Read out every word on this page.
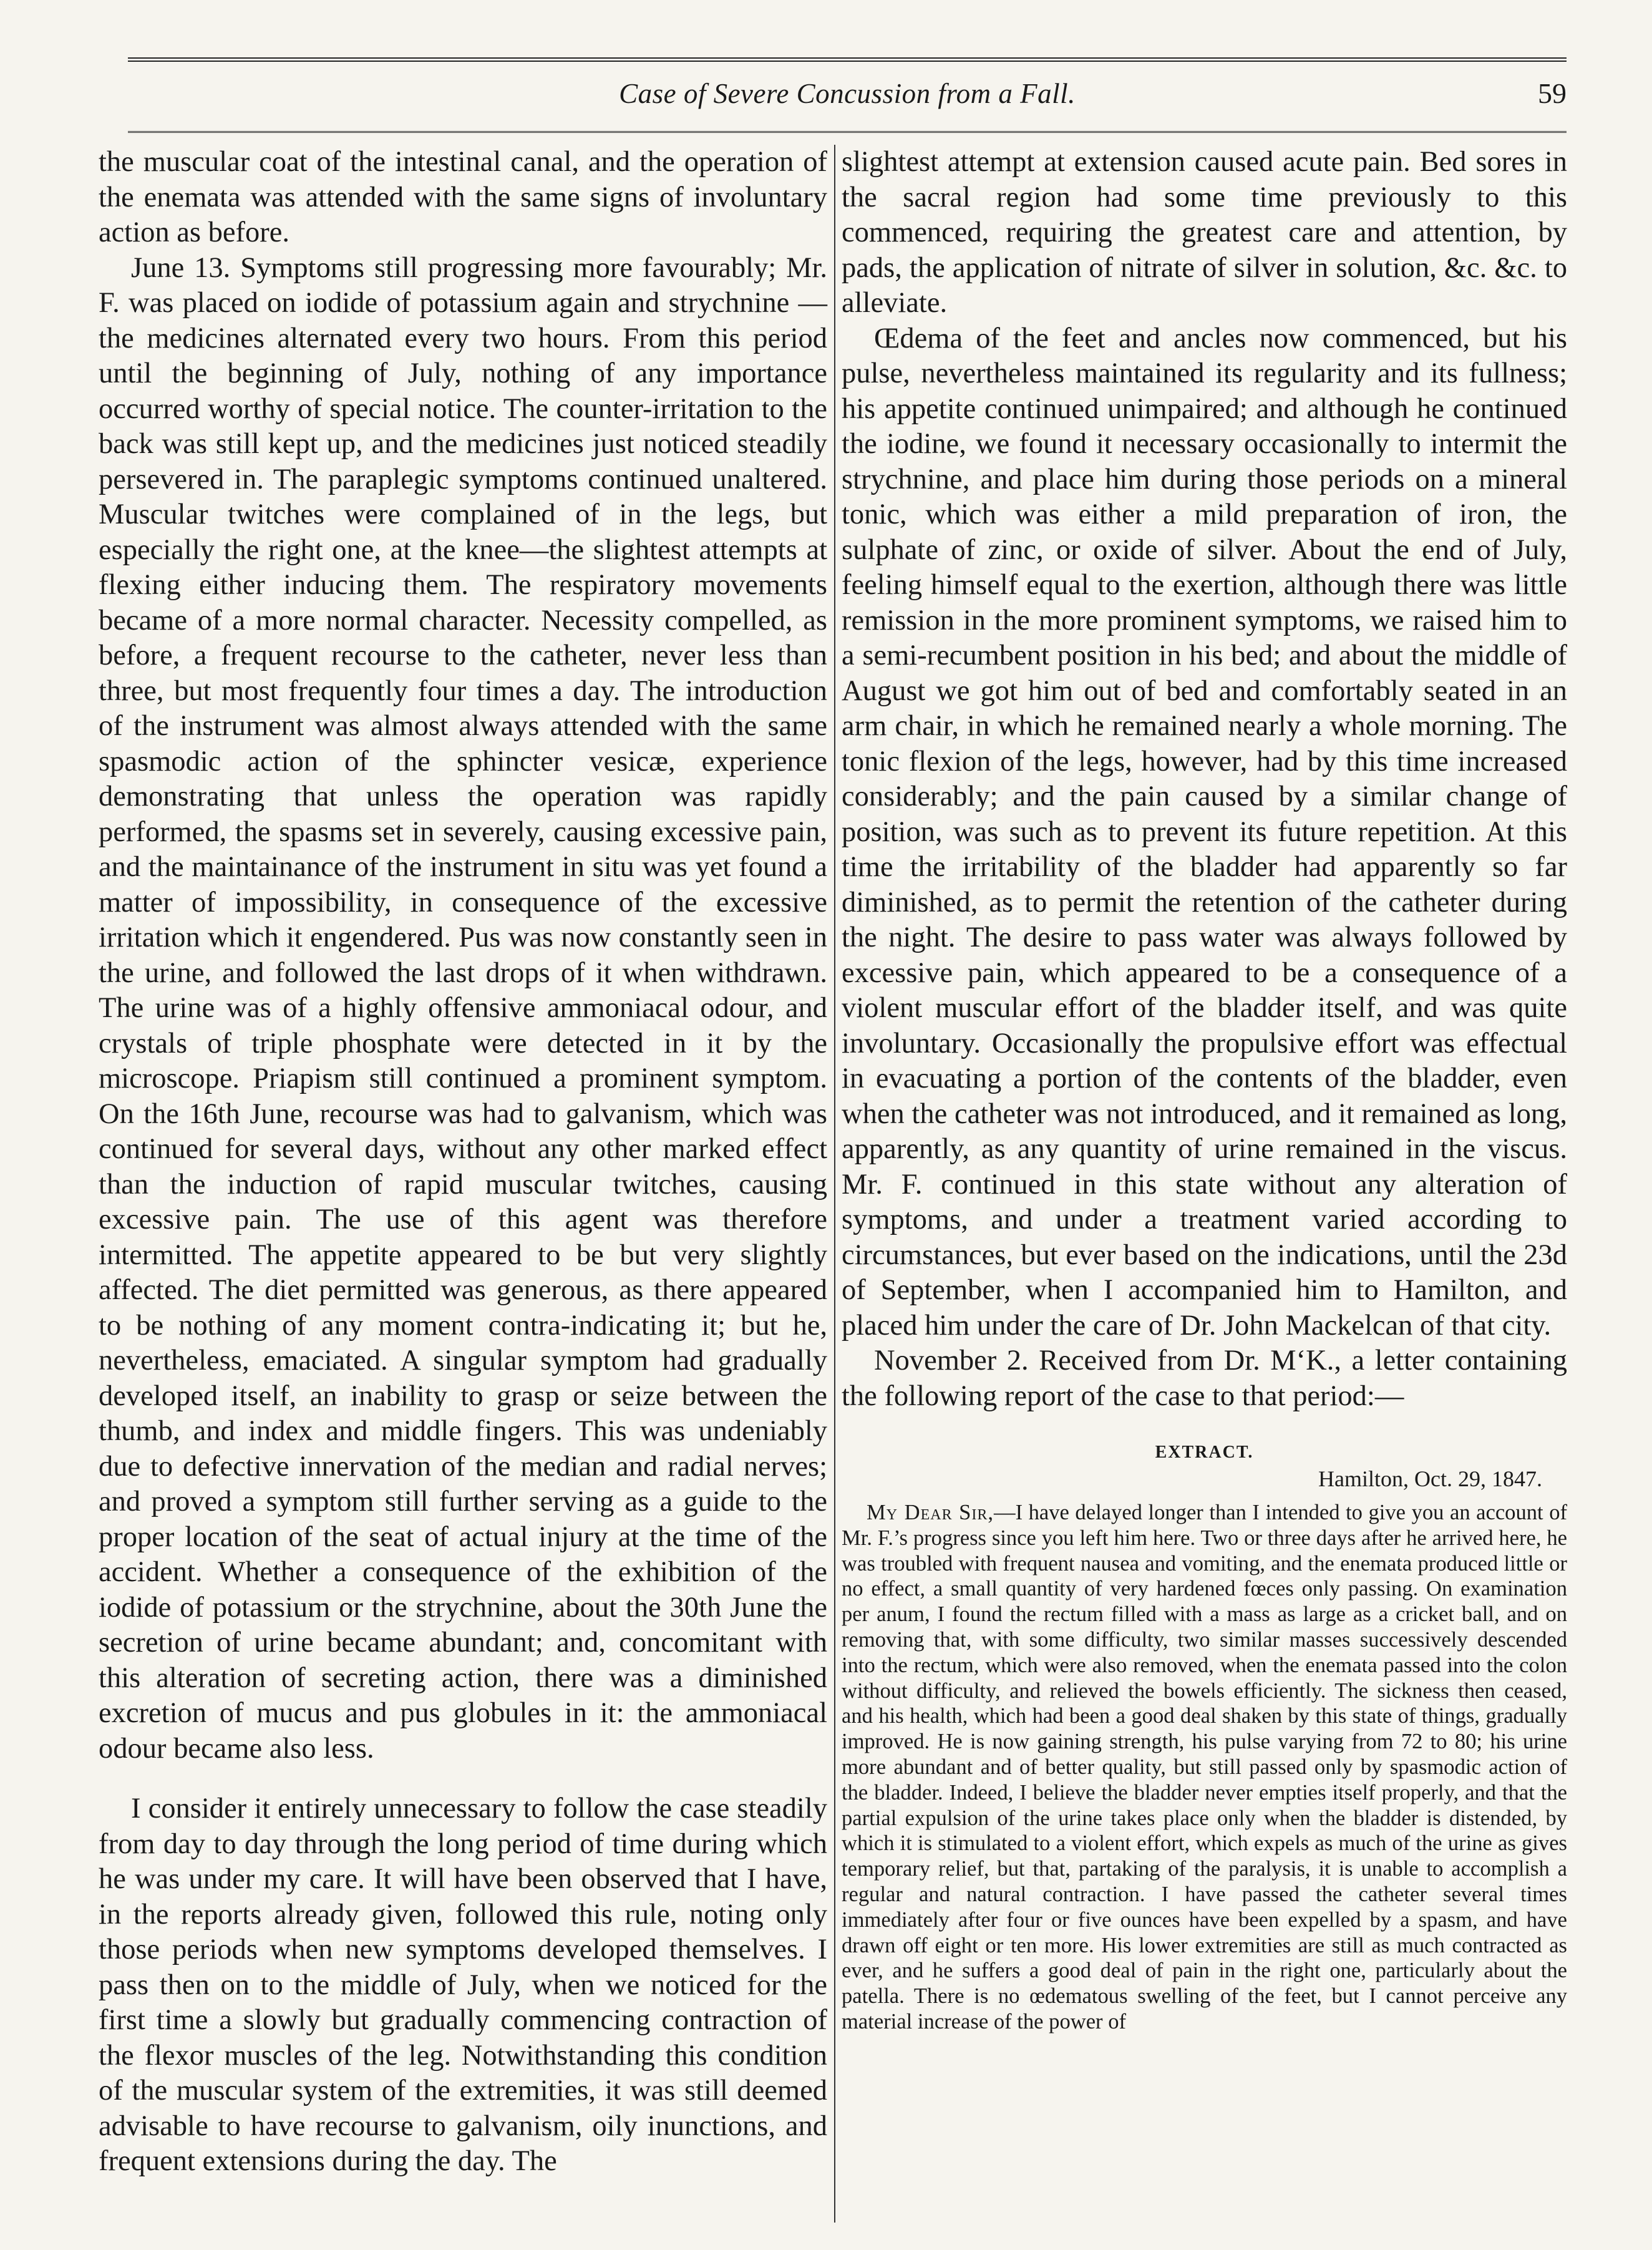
Case of Severe Concussion from a Fall.	59

the muscular coat of the intestinal canal, and the operation of the enemata was attended with the same signs of involuntary action as before.

June 13. Symptoms still progressing more favourably; Mr. F. was placed on iodide of potassium again and strychnine —the medicines alternated every two hours. From this period until the beginning of July, nothing of any importance occurred worthy of special notice. The counter-irritation to the back was still kept up, and the medicines just noticed steadily persevered in. The paraplegic symptoms continued unaltered. Muscular twitches were complained of in the legs, but especially the right one, at the knee—the slightest attempts at flexing either inducing them. The respiratory movements became of a more normal character. Necessity compelled, as before, a frequent recourse to the catheter, never less than three, but most frequently four times a day. The introduction of the instrument was almost always attended with the same spasmodic action of the sphincter vesicæ, experience demonstrating that unless the operation was rapidly performed, the spasms set in severely, causing excessive pain, and the maintainance of the instrument in situ was yet found a matter of impossibility, in consequence of the excessive irritation which it engendered. Pus was now constantly seen in the urine, and followed the last drops of it when withdrawn. The urine was of a highly offensive ammoniacal odour, and crystals of triple phosphate were detected in it by the microscope. Priapism still continued a prominent symptom. On the 16th June, recourse was had to galvanism, which was continued for several days, without any other marked effect than the induction of rapid muscular twitches, causing excessive pain. The use of this agent was therefore intermitted. The appetite appeared to be but very slightly affected. The diet permitted was generous, as there appeared to be nothing of any moment contra-indicating it; but he, nevertheless, emaciated. A singular symptom had gradually developed itself, an inability to grasp or seize between the thumb, and index and middle fingers. This was undeniably due to defective innervation of the median and radial nerves; and proved a symptom still further serving as a guide to the proper location of the seat of actual injury at the time of the accident. Whether a consequence of the exhibition of the iodide of potassium or the strychnine, about the 30th June the secretion of urine became abundant; and, concomitant with this alteration of secreting action, there was a diminished excretion of mucus and pus globules in it: the ammoniacal odour became also less.

I consider it entirely unnecessary to follow the case steadily from day to day through the long period of time during which he was under my care. It will have been observed that I have, in the reports already given, followed this rule, noting only those periods when new symptoms developed themselves. I pass then on to the middle of July, when we noticed for the first time a slowly but gradually commencing contraction of the flexor muscles of the leg. Notwithstanding this condition of the muscular system of the extremities, it was still deemed advisable to have recourse to galvanism, oily inunctions, and frequent extensions during the day. The

slightest attempt at extension caused acute pain. Bed sores in the sacral region had some time previously to this commenced, requiring the greatest care and attention, by pads, the application of nitrate of silver in solution, &c. &c. to alleviate.

Œdema of the feet and ancles now commenced, but his pulse, nevertheless maintained its regularity and its fullness; his appetite continued unimpaired; and although he continued the iodine, we found it necessary occasionally to intermit the strychnine, and place him during those periods on a mineral tonic, which was either a mild preparation of iron, the sulphate of zinc, or oxide of silver. About the end of July, feeling himself equal to the exertion, although there was little remission in the more prominent symptoms, we raised him to a semi-recumbent position in his bed; and about the middle of August we got him out of bed and comfortably seated in an arm chair, in which he remained nearly a whole morning. The tonic flexion of the legs, however, had by this time increased considerably; and the pain caused by a similar change of position, was such as to prevent its future repetition. At this time the irritability of the bladder had apparently so far diminished, as to permit the retention of the catheter during the night. The desire to pass water was always followed by excessive pain, which appeared to be a consequence of a violent muscular effort of the bladder itself, and was quite involuntary. Occasionally the propulsive effort was effectual in evacuating a portion of the contents of the bladder, even when the catheter was not introduced, and it remained as long, apparently, as any quantity of urine remained in the viscus. Mr. F. continued in this state without any alteration of symptoms, and under a treatment varied according to circumstances, but ever based on the indications, until the 23d of September, when I accompanied him to Hamilton, and placed him under the care of Dr. John Mackelcan of that city.

November 2. Received from Dr. M‘K., a letter containing the following report of the case to that period:—

EXTRACT.
Hamilton, Oct. 29, 1847.

My Dear Sir,—I have delayed longer than I intended to give you an account of Mr. F.’s progress since you left him here. Two or three days after he arrived here, he was troubled with frequent nausea and vomiting, and the enemata produced little or no effect, a small quantity of very hardened fœces only passing. On examination per anum, I found the rectum filled with a mass as large as a cricket ball, and on removing that, with some difficulty, two similar masses successively descended into the rectum, which were also removed, when the enemata passed into the colon without difficulty, and relieved the bowels efficiently. The sickness then ceased, and his health, which had been a good deal shaken by this state of things, gradually improved. He is now gaining strength, his pulse varying from 72 to 80; his urine more abundant and of better quality, but still passed only by spasmodic action of the bladder. Indeed, I believe the bladder never empties itself properly, and that the partial expulsion of the urine takes place only when the bladder is distended, by which it is stimulated to a violent effort, which expels as much of the urine as gives temporary relief, but that, partaking of the paralysis, it is unable to accomplish a regular and natural contraction. I have passed the catheter several times immediately after four or five ounces have been expelled by a spasm, and have drawn off eight or ten more. His lower extremities are still as much contracted as ever, and he suffers a good deal of pain in the right one, particularly about the patella. There is no œdematous swelling of the feet, but I cannot perceive any material increase of the power of
